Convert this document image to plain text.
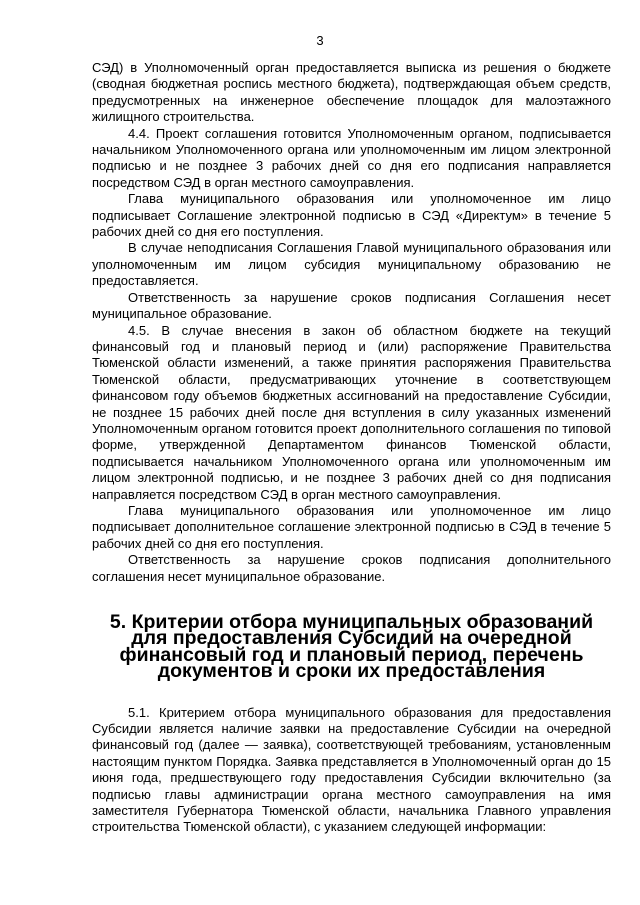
3

СЭД) в Уполномоченный орган предоставляется выписка из решения о бюджете (сводная бюджетная роспись местного бюджета), подтверждающая объем средств, предусмотренных на инженерное обеспечение площадок для малоэтажного жилищного строительства.

4.4. Проект соглашения готовится Уполномоченным органом, подписывается начальником Уполномоченного органа или уполномоченным им лицом электронной подписью и не позднее 3 рабочих дней со дня его подписания направляется посредством СЭД в орган местного самоуправления.

Глава муниципального образования или уполномоченное им лицо подписывает Соглашение электронной подписью в СЭД «Директум» в течение 5 рабочих дней со дня его поступления.

В случае неподписания Соглашения Главой муниципального образования или уполномоченным им лицом субсидия муниципальному образованию не предоставляется.

Ответственность за нарушение сроков подписания Соглашения несет муниципальное образование.

4.5. В случае внесения в закон об областном бюджете на текущий финансовый год и плановый период и (или) распоряжение Правительства Тюменской области изменений, а также принятия распоряжения Правительства Тюменской области, предусматривающих уточнение в соответствующем финансовом году объемов бюджетных ассигнований на предоставление Субсидии, не позднее 15 рабочих дней после дня вступления в силу указанных изменений Уполномоченным органом готовится проект дополнительного соглашения по типовой форме, утвержденной Департаментом финансов Тюменской области, подписывается начальником Уполномоченного органа или уполномоченным им лицом электронной подписью, и не позднее 3 рабочих дней со дня подписания направляется посредством СЭД в орган местного самоуправления.

Глава муниципального образования или уполномоченное им лицо подписывает дополнительное соглашение электронной подписью в СЭД в течение 5 рабочих дней со дня его поступления.

Ответственность за нарушение сроков подписания дополнительного соглашения несет муниципальное образование.

5. Критерии отбора муниципальных образований для предоставления Субсидий на очередной финансовый год и плановый период, перечень документов и сроки их предоставления

5.1. Критерием отбора муниципального образования для предоставления Субсидии является наличие заявки на предоставление Субсидии на очередной финансовый год (далее — заявка), соответствующей требованиям, установленным настоящим пунктом Порядка. Заявка представляется в Уполномоченный орган до 15 июня года, предшествующего году предоставления Субсидии включительно (за подписью главы администрации органа местного самоуправления на имя заместителя Губернатора Тюменской области, начальника Главного управления строительства Тюменской области), с указанием следующей информации:
